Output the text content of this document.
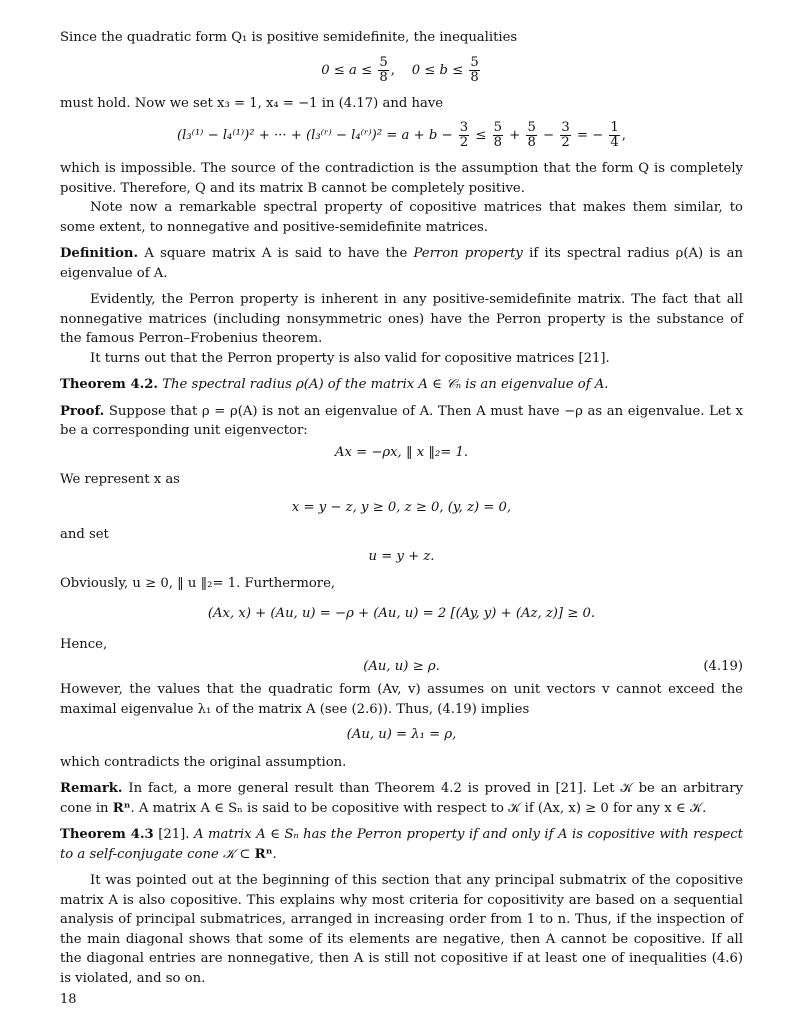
Since the quadratic form Q₁ is positive semidefinite, the inequalities

$0 \le a \le \frac{5}{8}$ , $0 \le b \le \frac{5}{8}$

must hold. Now we set x₃ = 1, x₄ = −1 in (4.17) and have

(l₃⁽¹⁾ − l₄⁽¹⁾)² + ··· + (l₃⁽ʳ⁾ − l₄⁽ʳ⁾)² = $a + b - \frac{3}{2} \le \frac{5}{8} + \frac{5}{8} - \frac{3}{2}$ = − $\frac{1}{4}$ ,

which is impossible. The source of the contradiction is the assumption that the form Q is completely positive. Therefore, Q and its matrix B cannot be completely positive.

Note now a remarkable spectral property of copositive matrices that makes them similar, to some extent, to nonnegative and positive-semidefinite matrices.

Definition. A square matrix A is said to have the Perron property if its spectral radius ρ(A) is an eigenvalue of A.

Evidently, the Perron property is inherent in any positive-semidefinite matrix. The fact that all nonnegative matrices (including nonsymmetric ones) have the Perron property is the substance of the famous Perron–Frobenius theorem.

It turns out that the Perron property is also valid for copositive matrices [21].

Theorem 4.2. The spectral radius ρ(A) of the matrix A ∈ 𝒞ₙ is an eigenvalue of A.

Proof. Suppose that ρ = ρ(A) is not an eigenvalue of A. Then A must have −ρ as an eigenvalue. Let x be a corresponding unit eigenvector:

Ax = −ρx, ‖ x ‖₂= 1.

We represent x as

x = y − z, y ≥ 0, z ≥ 0, (y, z) = 0,

and set

u = y + z.

Obviously, u ≥ 0, ‖ u ‖₂= 1. Furthermore,

(Ax, x) + (Au, u) = −ρ + (Au, u) = 2 [(Ay, y) + (Az, z)] ≥ 0.

Hence,

(Au, u) ≥ ρ.	(4.19)

However, the values that the quadratic form (Av, v) assumes on unit vectors v cannot exceed the maximal eigenvalue λ₁ of the matrix A (see (2.6)). Thus, (4.19) implies

(Au, u) = λ₁ = ρ,

which contradicts the original assumption.

Remark. In fact, a more general result than Theorem 4.2 is proved in [21]. Let 𝒦 be an arbitrary cone in Rⁿ. A matrix A ∈ Sₙ is said to be copositive with respect to 𝒦 if (Ax, x) ≥ 0 for any x ∈ 𝒦.

Theorem 4.3 [21]. A matrix A ∈ Sₙ has the Perron property if and only if A is copositive with respect to a self-conjugate cone 𝒦 ⊂ Rⁿ.

It was pointed out at the beginning of this section that any principal submatrix of the copositive matrix A is also copositive. This explains why most criteria for copositivity are based on a sequential analysis of principal submatrices, arranged in increasing order from 1 to n. Thus, if the inspection of the main diagonal shows that some of its elements are negative, then A cannot be copositive. If all the diagonal entries are nonnegative, then A is still not copositive if at least one of inequalities (4.6) is violated, and so on.

18
